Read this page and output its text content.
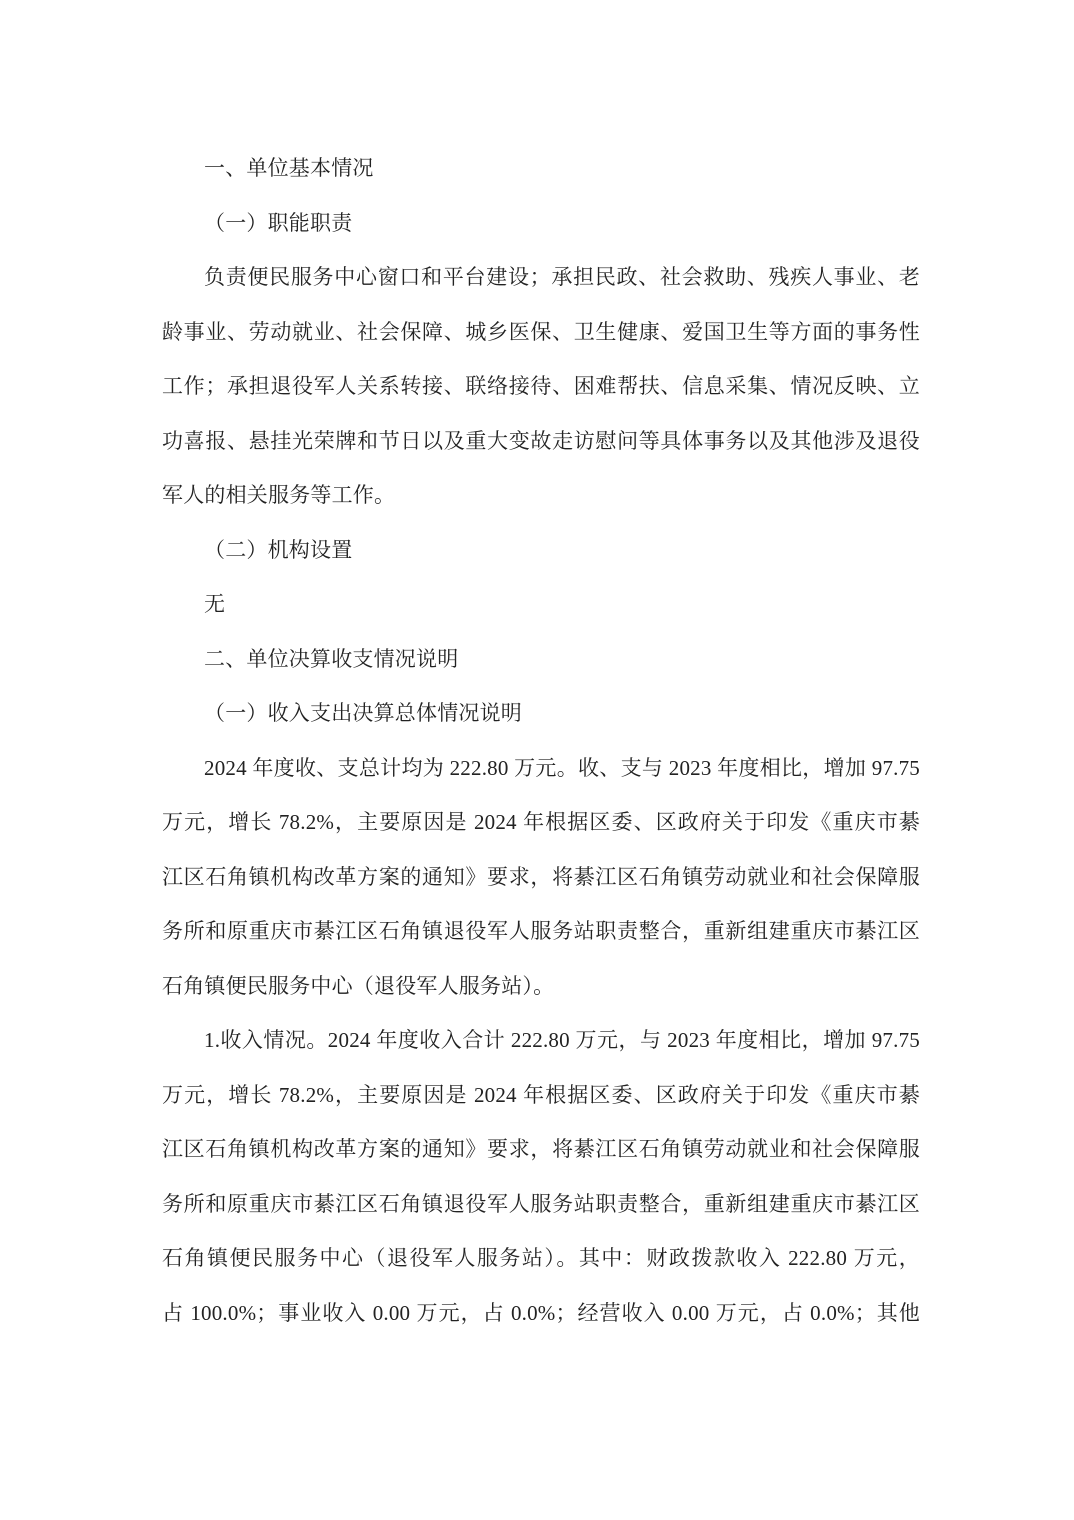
一、单位基本情况
（一）职能职责
负责便民服务中心窗口和平台建设；承担民政、社会救助、残疾人事业、老
龄事业、劳动就业、社会保障、城乡医保、卫生健康、爱国卫生等方面的事务性
工作；承担退役军人关系转接、联络接待、困难帮扶、信息采集、情况反映、立
功喜报、悬挂光荣牌和节日以及重大变故走访慰问等具体事务以及其他涉及退役
军人的相关服务等工作。
（二）机构设置
无
二、单位决算收支情况说明
（一）收入支出决算总体情况说明
2024 年度收、支总计均为 222.80 万元。收、支与 2023 年度相比，增加 97.75
万元，增长 78.2%，主要原因是 2024 年根据区委、区政府关于印发《重庆市綦
江区石角镇机构改革方案的通知》要求，将綦江区石角镇劳动就业和社会保障服
务所和原重庆市綦江区石角镇退役军人服务站职责整合，重新组建重庆市綦江区
石角镇便民服务中心（退役军人服务站）。
1.收入情况。2024 年度收入合计 222.80 万元，与 2023 年度相比，增加 97.75
万元，增长 78.2%，主要原因是 2024 年根据区委、区政府关于印发《重庆市綦
江区石角镇机构改革方案的通知》要求，将綦江区石角镇劳动就业和社会保障服
务所和原重庆市綦江区石角镇退役军人服务站职责整合，重新组建重庆市綦江区
石角镇便民服务中心（退役军人服务站）。其中：财政拨款收入 222.80 万元，
占 100.0%；事业收入 0.00 万元，占 0.0%；经营收入 0.00 万元，占 0.0%；其他
